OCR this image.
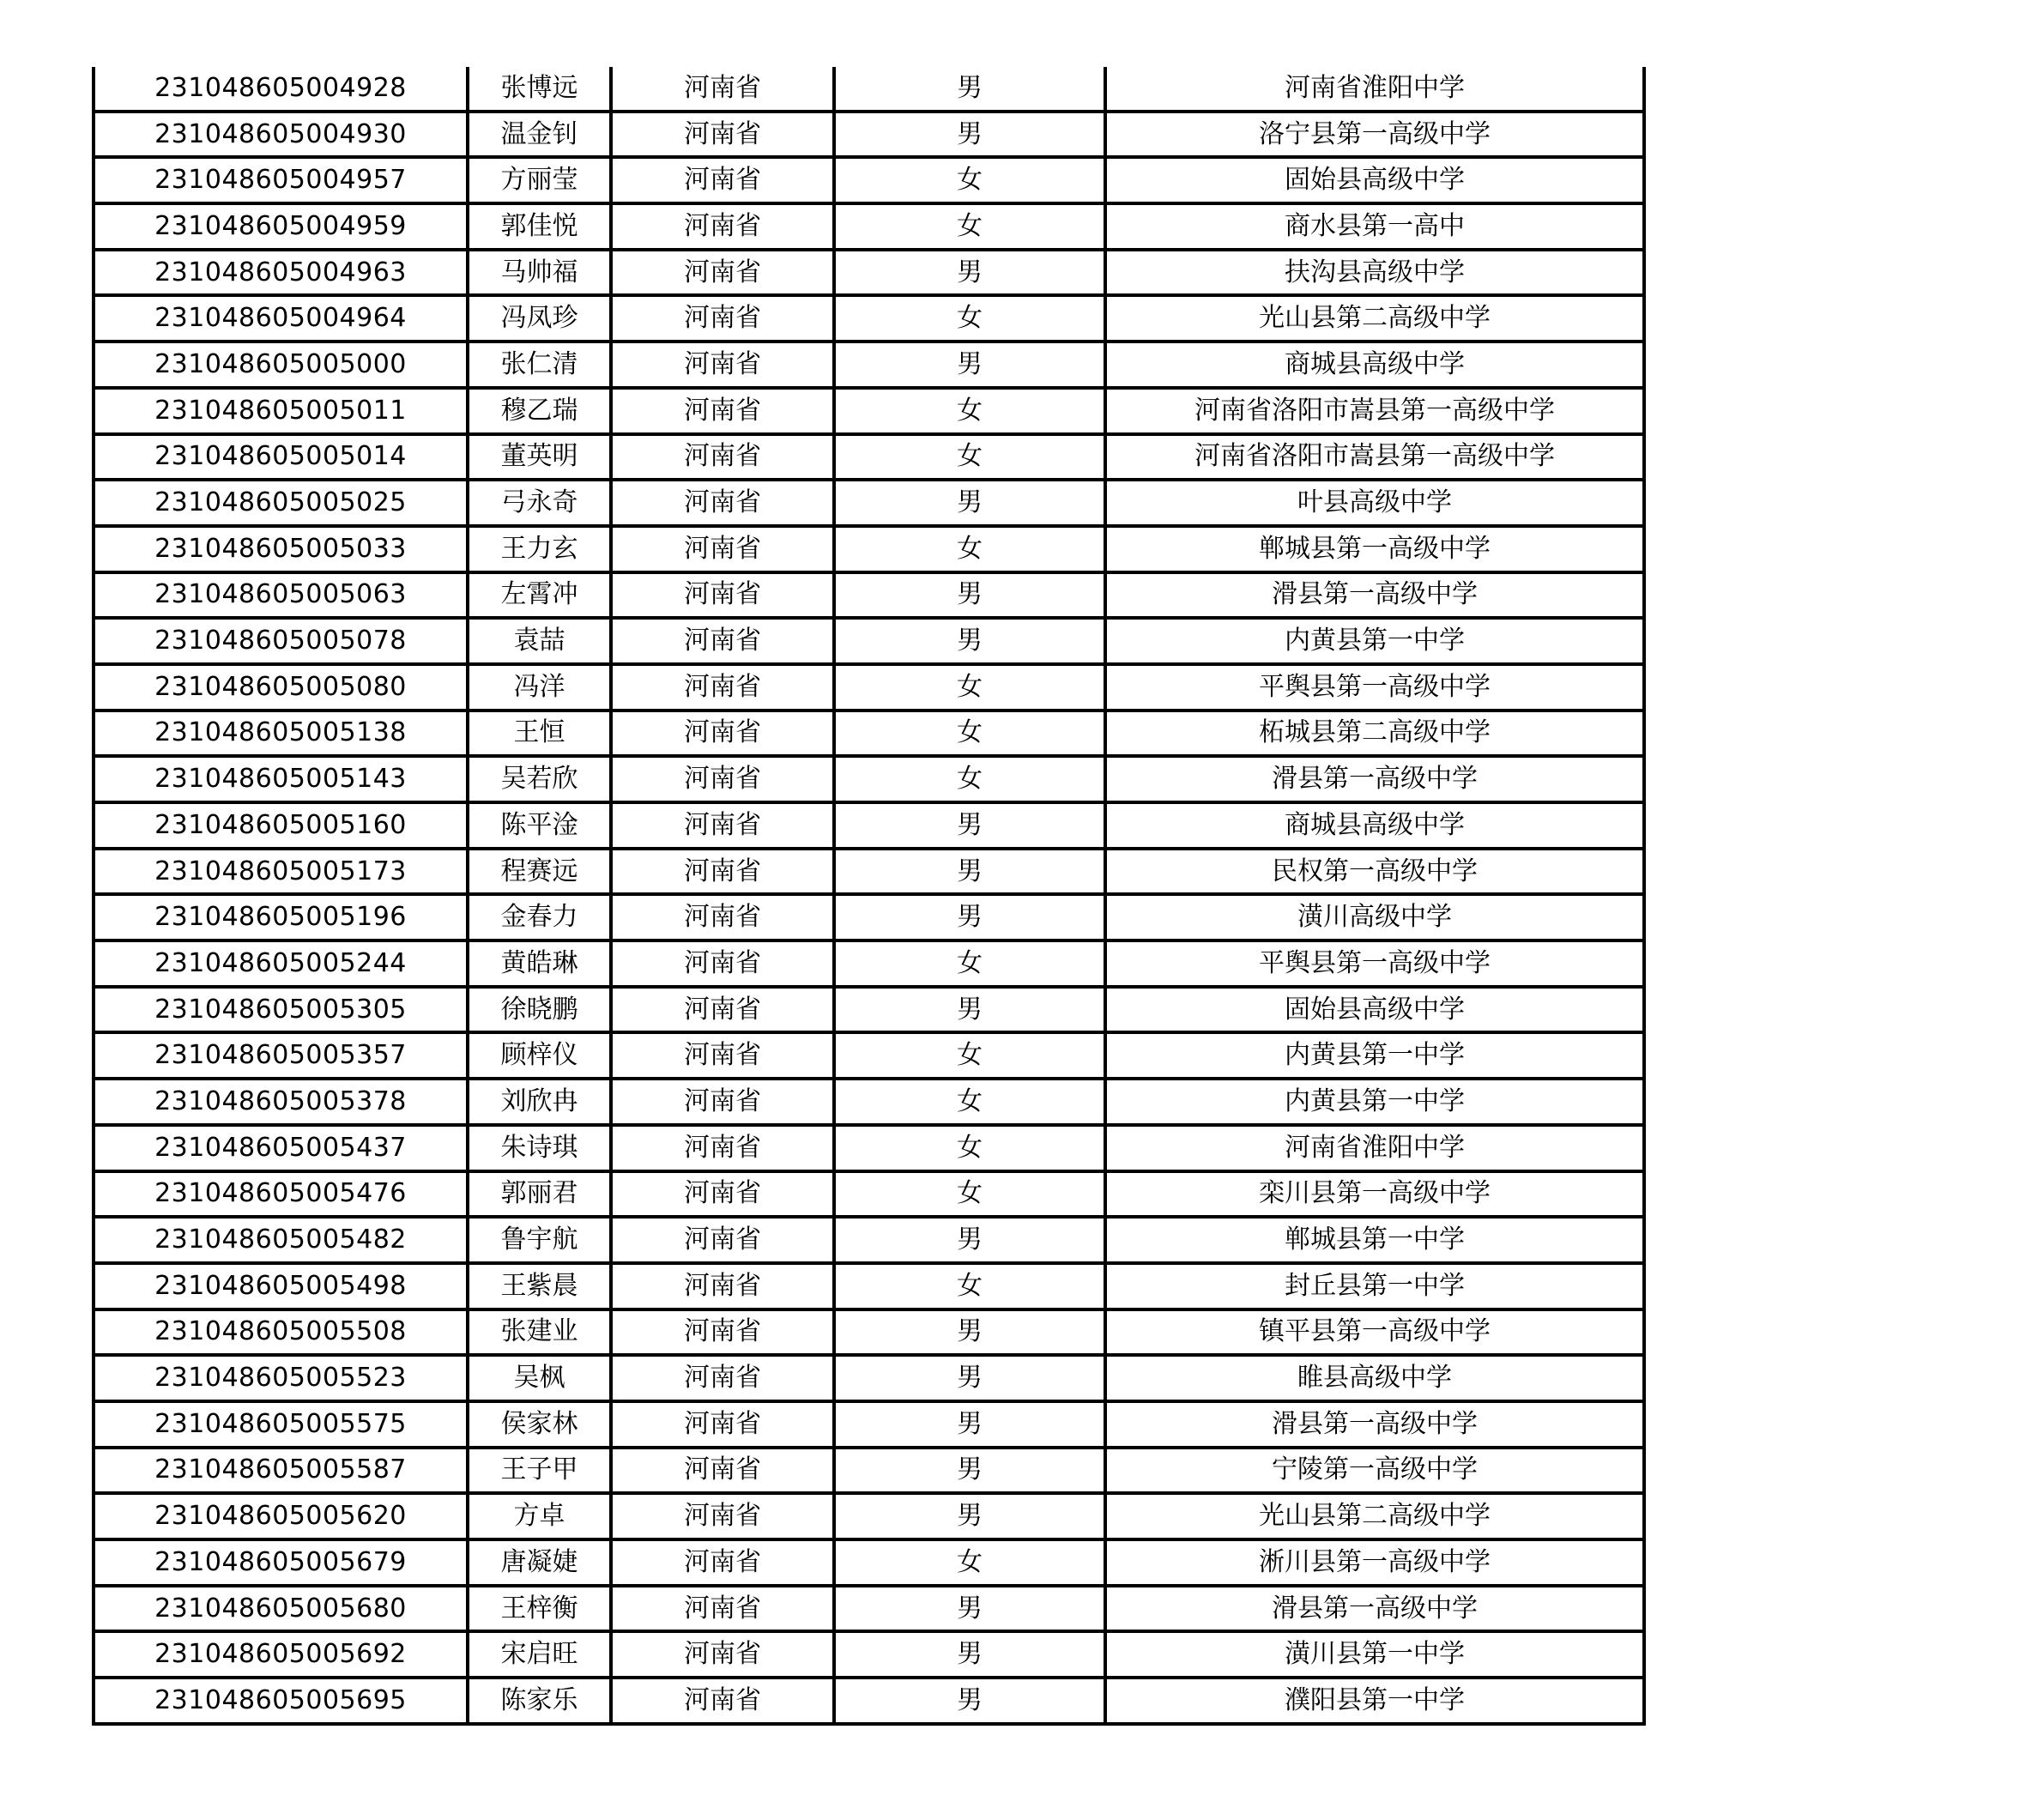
231048605004928	张博远	河南省	男	河南省淮阳中学
231048605004930	温金钊	河南省	男	洛宁县第一高级中学
231048605004957	方丽莹	河南省	女	固始县高级中学
231048605004959	郭佳悦	河南省	女	商水县第一高中
231048605004963	马帅福	河南省	男	扶沟县高级中学
231048605004964	冯凤珍	河南省	女	光山县第二高级中学
231048605005000	张仁清	河南省	男	商城县高级中学
231048605005011	穆乙瑞	河南省	女	河南省洛阳市嵩县第一高级中学
231048605005014	董英明	河南省	女	河南省洛阳市嵩县第一高级中学
231048605005025	弓永奇	河南省	男	叶县高级中学
231048605005033	王力玄	河南省	女	郸城县第一高级中学
231048605005063	左霄冲	河南省	男	滑县第一高级中学
231048605005078	袁喆	河南省	男	内黄县第一中学
231048605005080	冯洋	河南省	女	平舆县第一高级中学
231048605005138	王恒	河南省	女	柘城县第二高级中学
231048605005143	吴若欣	河南省	女	滑县第一高级中学
231048605005160	陈平淦	河南省	男	商城县高级中学
231048605005173	程赛远	河南省	男	民权第一高级中学
231048605005196	金春力	河南省	男	潢川高级中学
231048605005244	黄皓琳	河南省	女	平舆县第一高级中学
231048605005305	徐晓鹏	河南省	男	固始县高级中学
231048605005357	顾梓仪	河南省	女	内黄县第一中学
231048605005378	刘欣冉	河南省	女	内黄县第一中学
231048605005437	朱诗琪	河南省	女	河南省淮阳中学
231048605005476	郭丽君	河南省	女	栾川县第一高级中学
231048605005482	鲁宇航	河南省	男	郸城县第一中学
231048605005498	王紫晨	河南省	女	封丘县第一中学
231048605005508	张建业	河南省	男	镇平县第一高级中学
231048605005523	吴枫	河南省	男	睢县高级中学
231048605005575	侯家林	河南省	男	滑县第一高级中学
231048605005587	王子甲	河南省	男	宁陵第一高级中学
231048605005620	方卓	河南省	男	光山县第二高级中学
231048605005679	唐凝婕	河南省	女	淅川县第一高级中学
231048605005680	王梓衡	河南省	男	滑县第一高级中学
231048605005692	宋启旺	河南省	男	潢川县第一中学
231048605005695	陈家乐	河南省	男	濮阳县第一中学
